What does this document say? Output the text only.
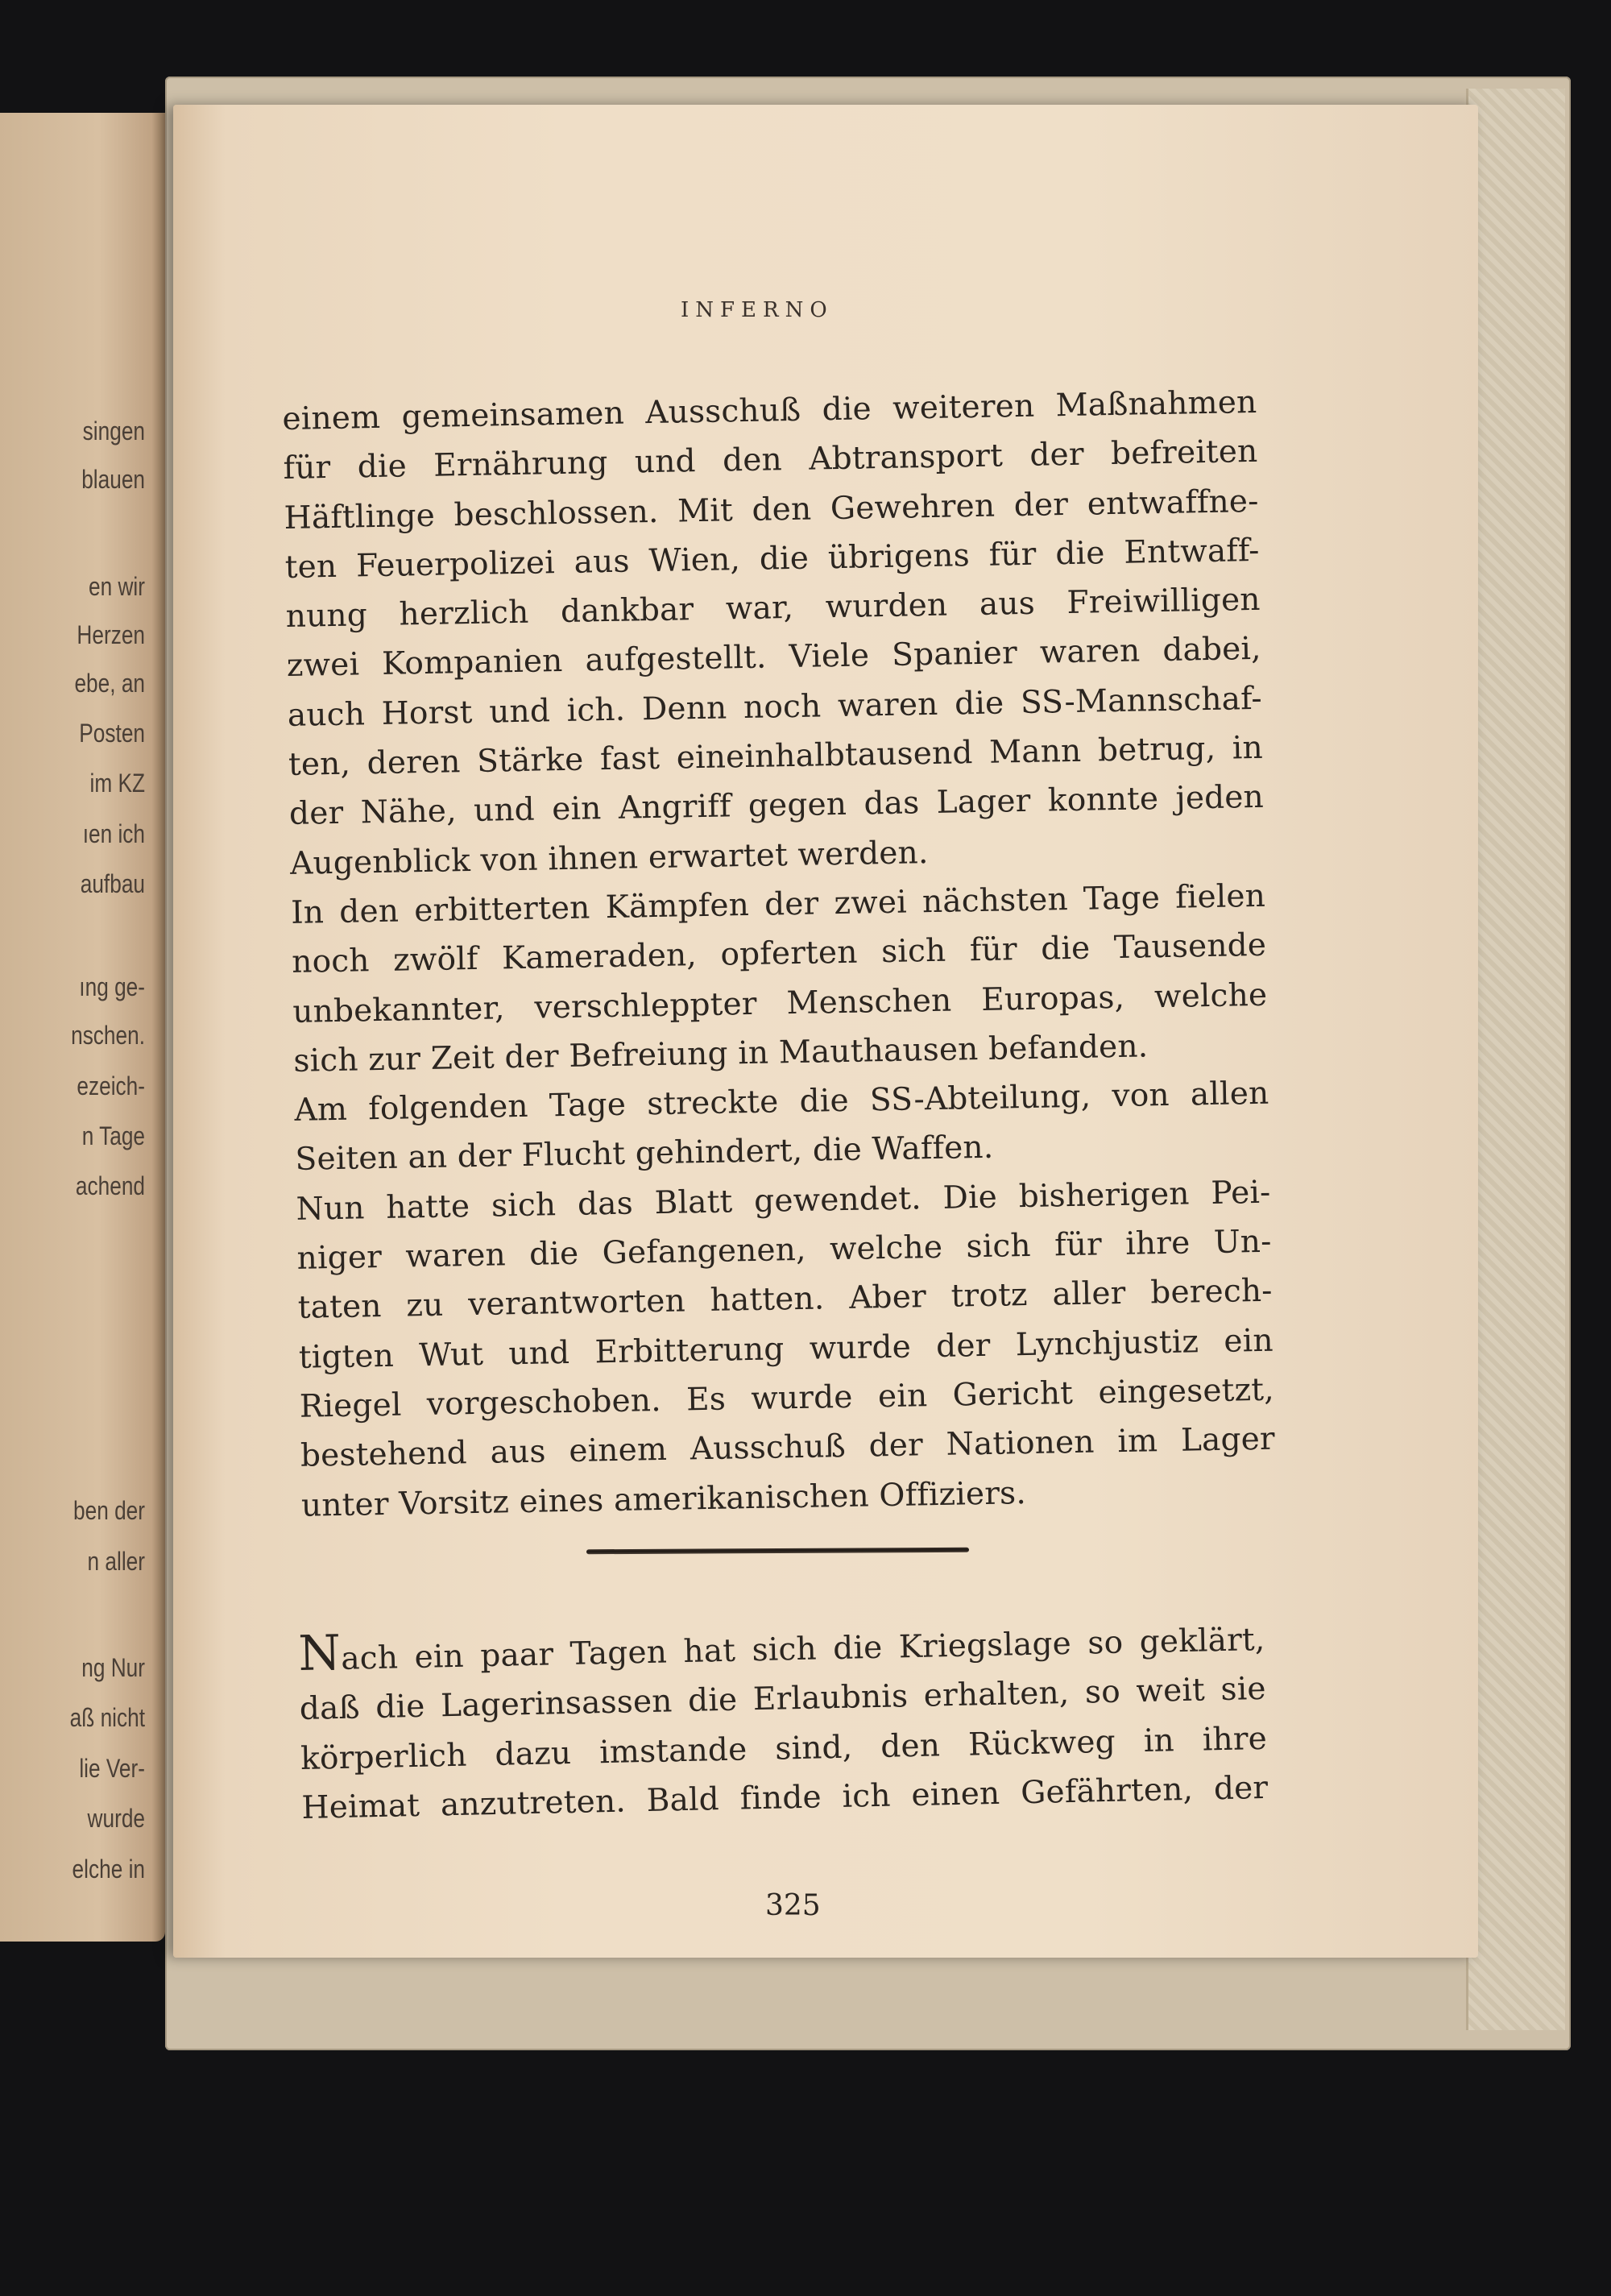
singen
blauen
en wir
Herzen
ebe, an
Posten
im KZ
ıen ich
aufbau
ıng ge-
nschen.
ezeich-
n Tage
achend
ben der
n aller
ng Nur
aß nicht
lie Ver-
wurde
elche in
INFERNO
einem gemeinsamen Ausschuß die weiteren Maßnahmen
für die Ernährung und den Abtransport der befreiten
Häftlinge beschlossen. Mit den Gewehren der entwaffne-
ten Feuerpolizei aus Wien, die übrigens für die Entwaff-
nung herzlich dankbar war, wurden aus Freiwilligen
zwei Kompanien aufgestellt. Viele Spanier waren dabei,
auch Horst und ich. Denn noch waren die SS-Mannschaf-
ten, deren Stärke fast eineinhalbtausend Mann betrug, in
der Nähe, und ein Angriff gegen das Lager konnte jeden
Augenblick von ihnen erwartet werden.
In den erbitterten Kämpfen der zwei nächsten Tage fielen
noch zwölf Kameraden, opferten sich für die Tausende
unbekannter, verschleppter Menschen Europas, welche
sich zur Zeit der Befreiung in Mauthausen befanden.
Am folgenden Tage streckte die SS-Abteilung, von allen
Seiten an der Flucht gehindert, die Waffen.
Nun hatte sich das Blatt gewendet. Die bisherigen Pei-
niger waren die Gefangenen, welche sich für ihre Un-
taten zu verantworten hatten. Aber trotz aller berech-
tigten Wut und Erbitterung wurde der Lynchjustiz ein
Riegel vorgeschoben. Es wurde ein Gericht eingesetzt,
bestehend aus einem Ausschuß der Nationen im Lager
unter Vorsitz eines amerikanischen Offiziers.
Nach ein paar Tagen hat sich die Kriegslage so geklärt,
daß die Lagerinsassen die Erlaubnis erhalten, so weit sie
körperlich dazu imstande sind, den Rückweg in ihre
Heimat anzutreten. Bald finde ich einen Gefährten, der
325
